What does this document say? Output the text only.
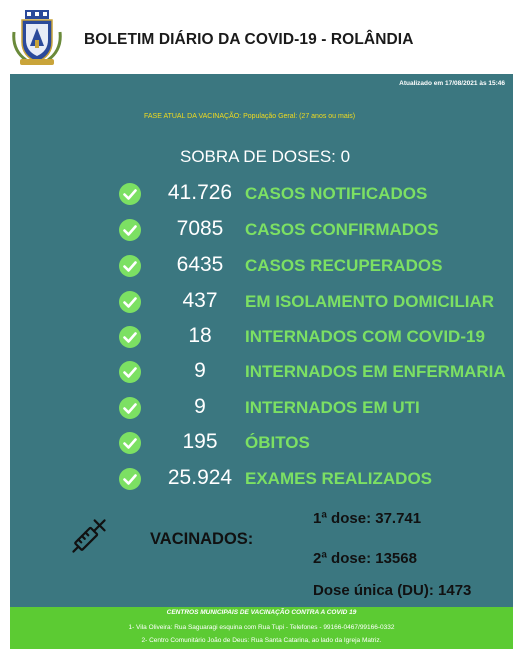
BOLETIM DIÁRIO DA COVID-19 - ROLÂNDIA
Atualizado em 17/08/2021 às 15:46
FASE ATUAL DA VACINAÇÃO: População Geral: (27 anos ou mais)
SOBRA DE DOSES: 0
41.726 CASOS NOTIFICADOS
7085	CASOS CONFIRMADOS
6435	CASOS RECUPERADOS
437	EM ISOLAMENTO DOMICILIAR
18	INTERNADOS COM COVID-19
9	INTERNADOS EM ENFERMARIA
9	INTERNADOS EM UTI
195	ÓBITOS
25.924 EXAMES REALIZADOS
VACINADOS:
1ª dose: 37.741
2ª dose: 13568
Dose única (DU): 1473
CENTROS MUNICIPAIS DE VACINAÇÃO CONTRA A COVID 19
1- Vila Oliveira: Rua Saguaragi esquina com Rua Tupi - Telefones - 99166-0467/99166-0332
2- Centro Comunitário João de Deus: Rua Santa Catarina, ao lado da Igreja Matriz.
